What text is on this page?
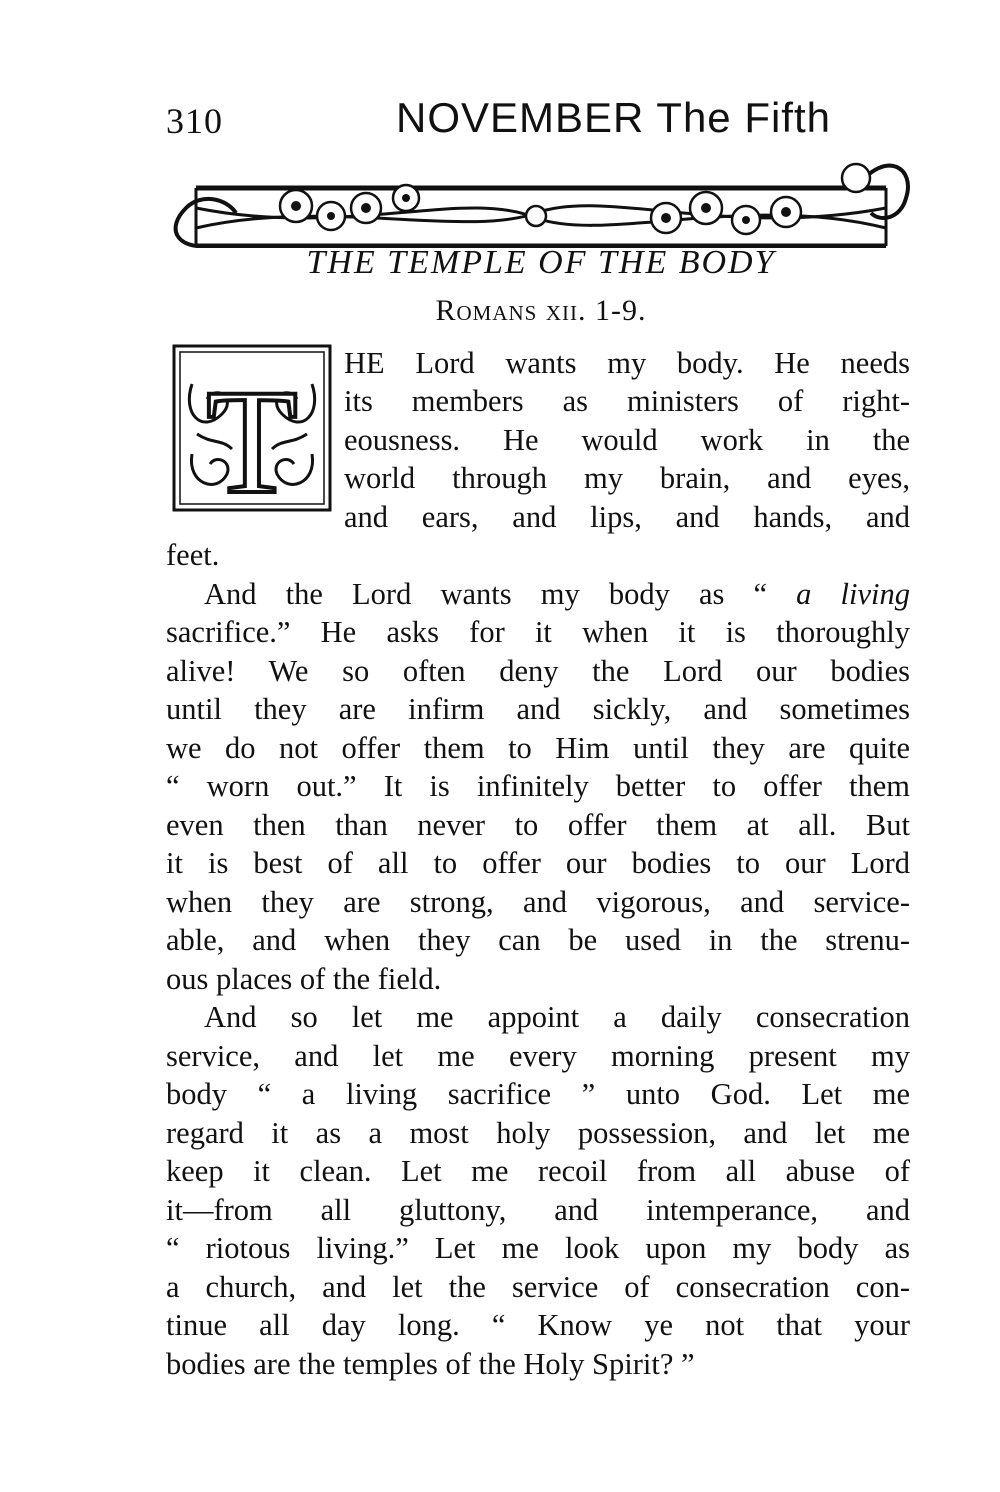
310	NOVEMBER The Fifth
THE TEMPLE OF THE BODY
Romans xii. 1-9.
T HE Lord wants my body. He needs
its members as ministers of right-
eousness. He would work in the
world through my brain, and eyes,
and ears, and lips, and hands, and
feet.
And the Lord wants my body as “ a living
sacrifice.” He asks for it when it is thoroughly
alive! We so often deny the Lord our bodies
until they are infirm and sickly, and sometimes
we do not offer them to Him until they are quite
“ worn out.” It is infinitely better to offer them
even then than never to offer them at all. But
it is best of all to offer our bodies to our Lord
when they are strong, and vigorous, and service-
able, and when they can be used in the strenu-
ous places of the field.
And so let me appoint a daily consecration
service, and let me every morning present my
body “ a living sacrifice ” unto God. Let me
regard it as a most holy possession, and let me
keep it clean. Let me recoil from all abuse of
it—from all gluttony, and intemperance, and
“ riotous living.” Let me look upon my body as
a church, and let the service of consecration con-
tinue all day long. “ Know ye not that your
bodies are the temples of the Holy Spirit? ”
